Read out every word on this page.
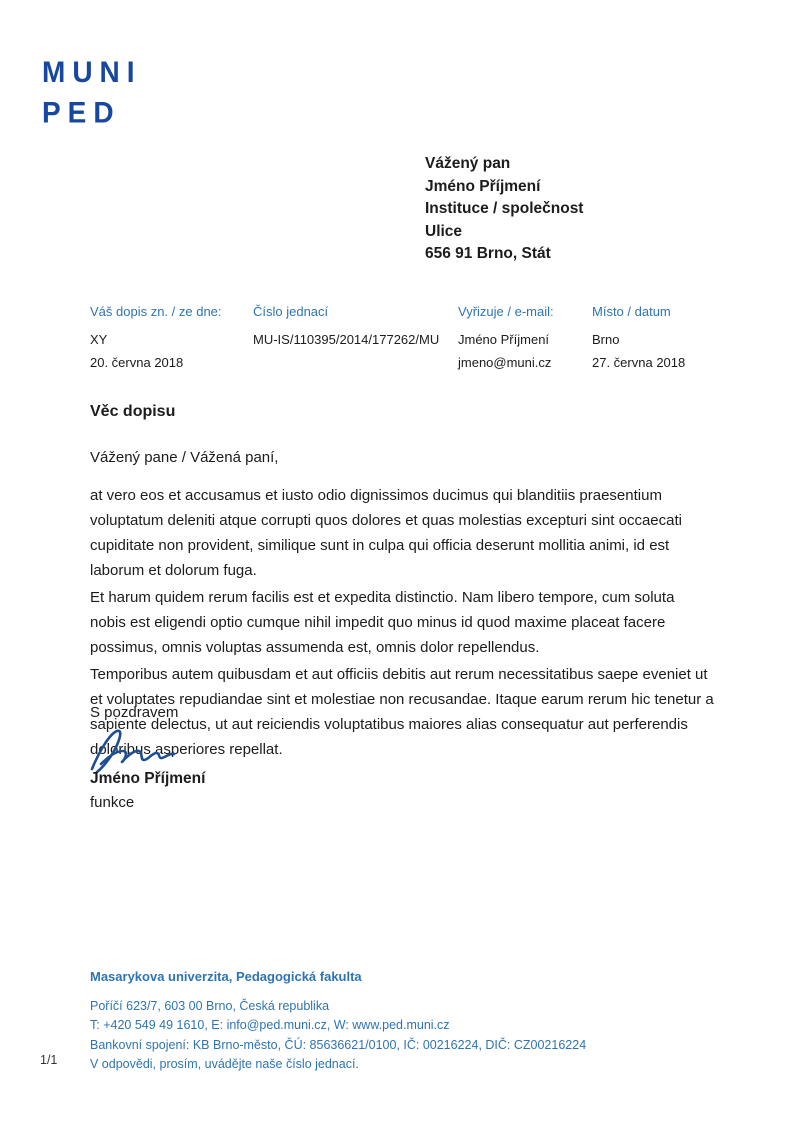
MUNI
PED
Vážený pan
Jméno Příjmení
Instituce / společnost
Ulice
656 91 Brno, Stát
Váš dopis zn. / ze dne:
XY
20. června 2018
Číslo jednací
MU-IS/110395/2014/177262/MU
Vyřizuje / e-mail:
Jméno Příjmení
jmeno@muni.cz
Místo / datum
Brno
27. června 2018
Věc dopisu
Vážený pane / Vážená paní,

at vero eos et accusamus et iusto odio dignissimos ducimus qui blanditiis praesentium voluptatum deleniti atque corrupti quos dolores et quas molestias excepturi sint occaecati cupiditate non provident, similique sunt in culpa qui officia deserunt mollitia animi, id est laborum et dolorum fuga.

Et harum quidem rerum facilis est et expedita distinctio. Nam libero tempore, cum soluta nobis est eligendi optio cumque nihil impedit quo minus id quod maxime placeat facere possimus, omnis voluptas assumenda est, omnis dolor repellendus.

Temporibus autem quibusdam et aut officiis debitis aut rerum necessitatibus saepe eveniet ut et voluptates repudiandae sint et molestiae non recusandae. Itaque earum rerum hic tenetur a sapiente delectus, ut aut reiciendis voluptatibus maiores alias consequatur aut perferendis doloribus asperiores repellat.

S pozdravem
Jméno Příjmení
funkce
Masarykova univerzita, Pedagogická fakulta
Poříčí 623/7, 603 00 Brno, Česká republika
T: +420 549 49 1610, E: info@ped.muni.cz, W: www.ped.muni.cz
Bankovní spojení: KB Brno-město, ČÚ: 85636621/0100, IČ: 00216224, DIČ: CZ00216224
V odpovědi, prosím, uvádějte naše číslo jednací.
1/1
